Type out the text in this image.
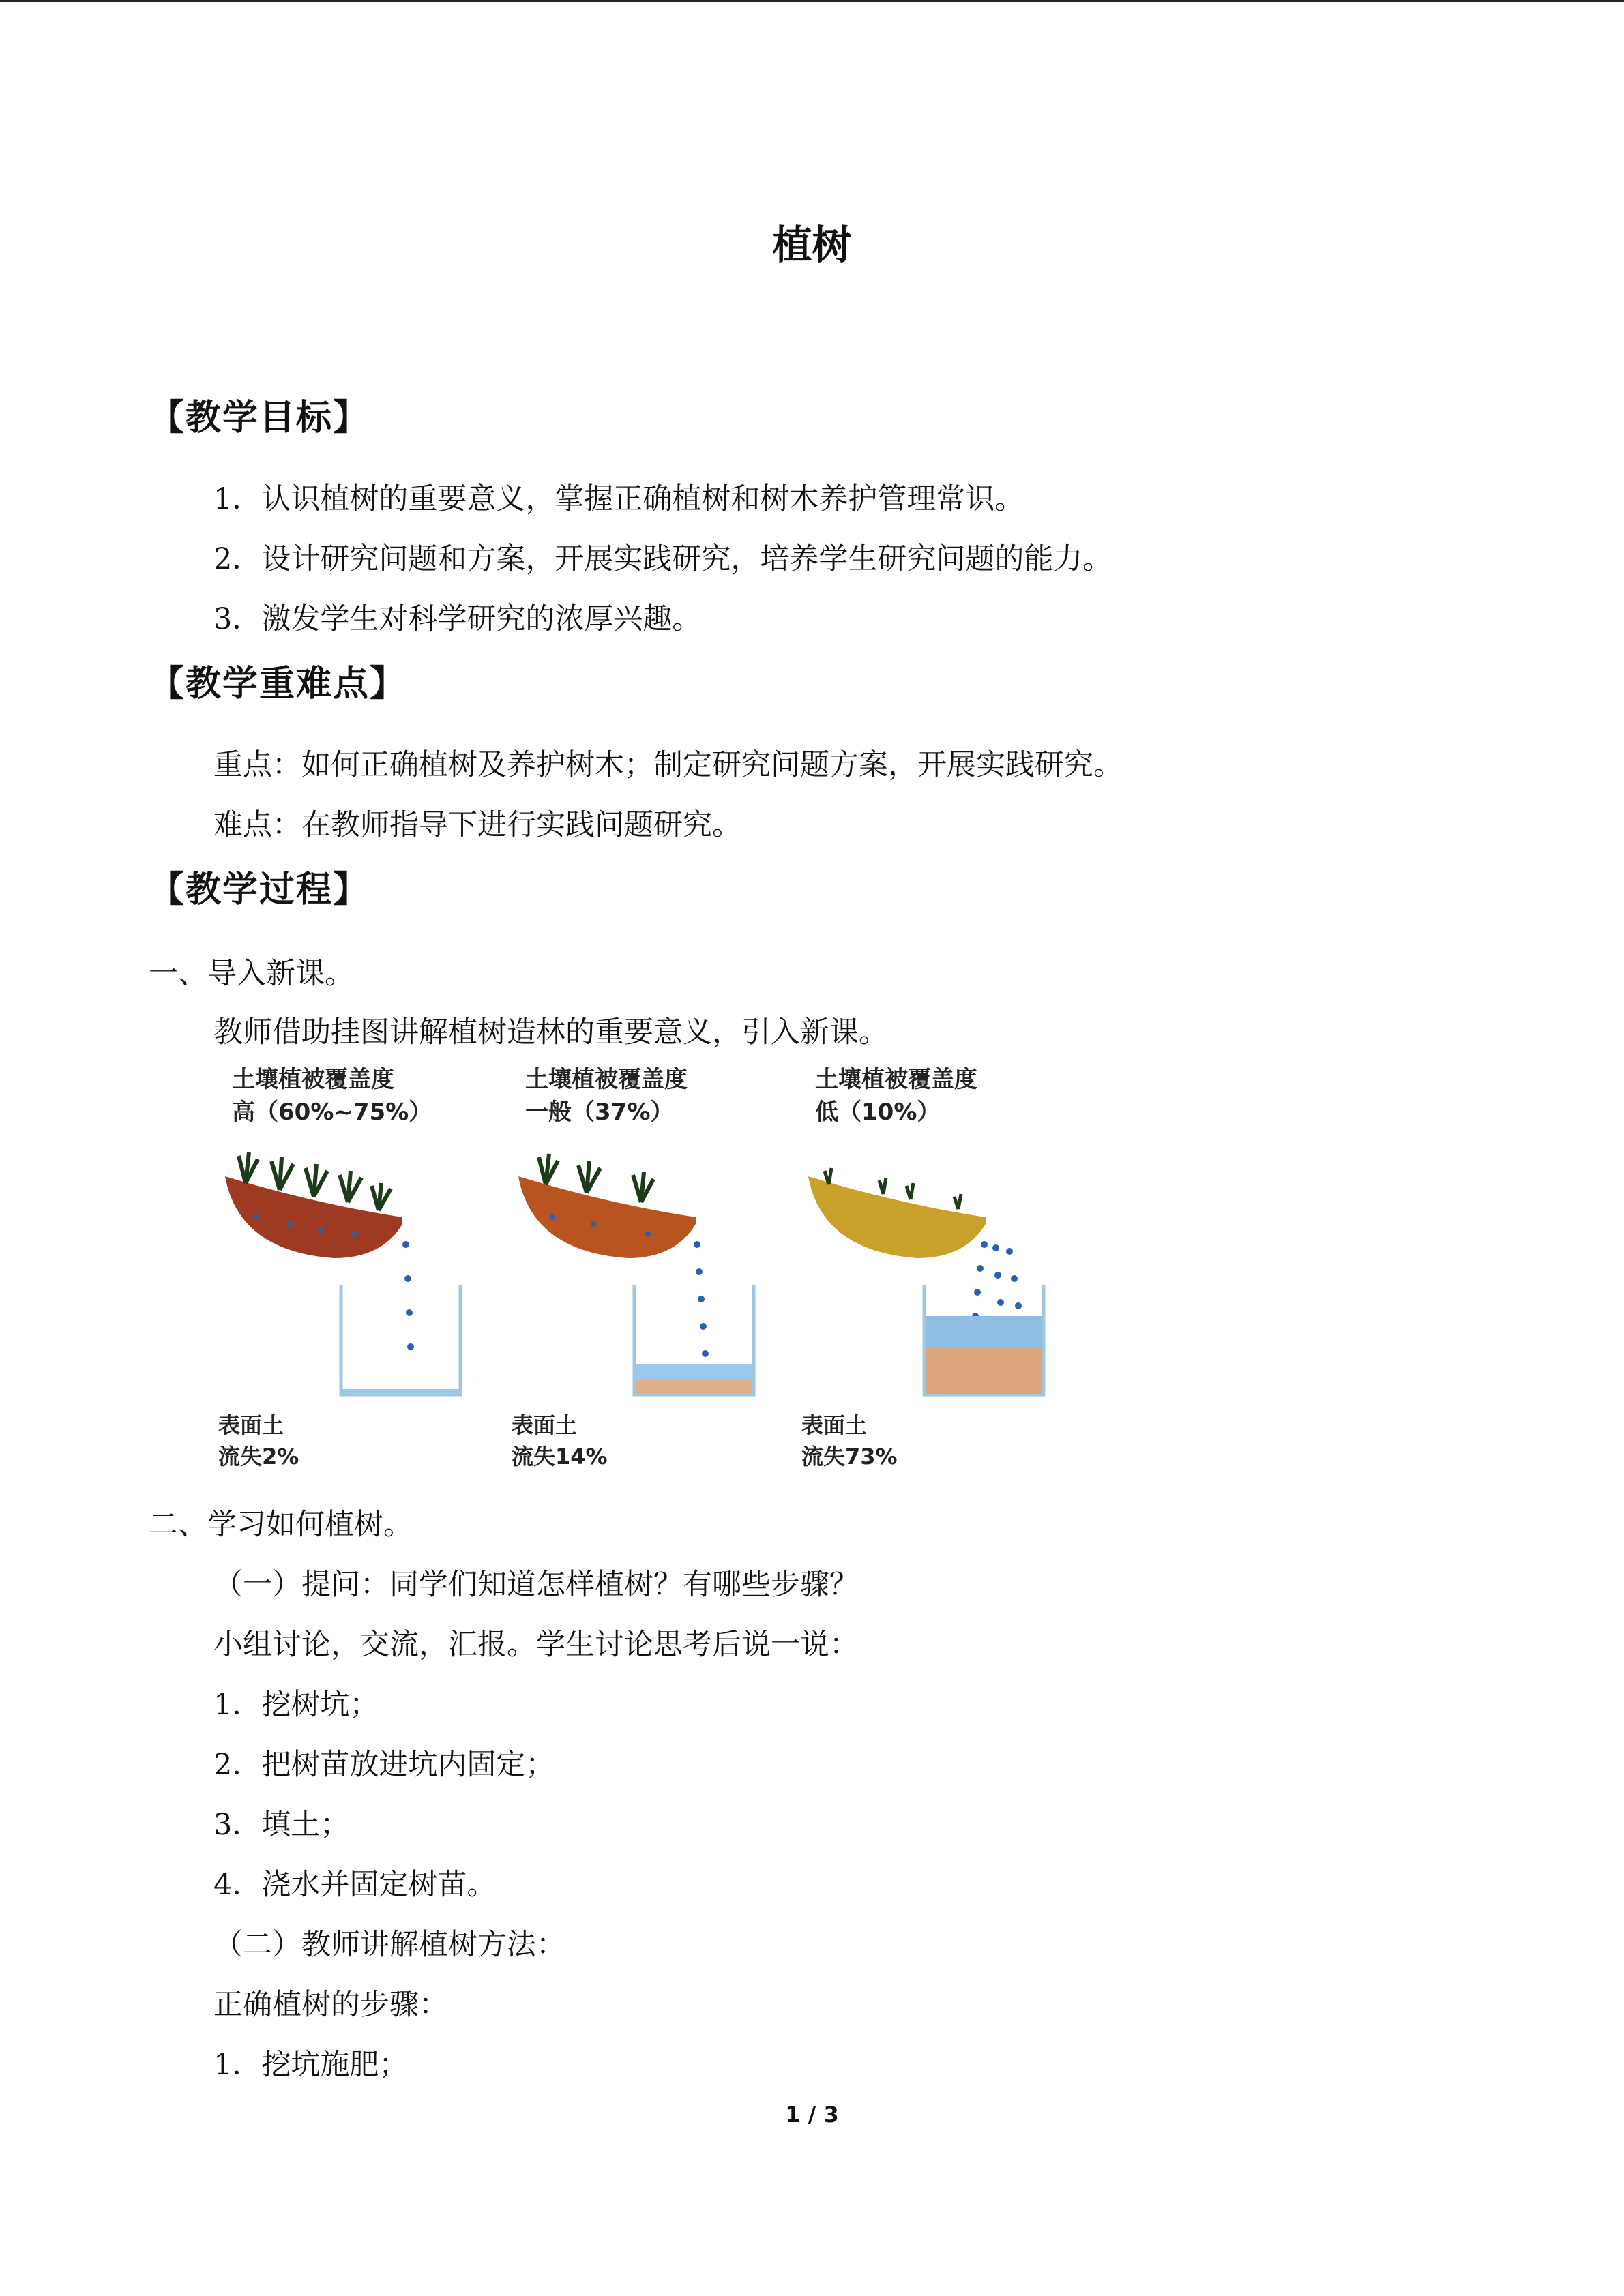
植树
【教学目标】
1．认识植树的重要意义，掌握正确植树和树木养护管理常识。
2．设计研究问题和方案，开展实践研究，培养学生研究问题的能力。
3．激发学生对科学研究的浓厚兴趣。
【教学重难点】
重点：如何正确植树及养护树木；制定研究问题方案，开展实践研究。
难点：在教师指导下进行实践问题研究。
【教学过程】
一、导入新课。
教师借助挂图讲解植树造林的重要意义，引入新课。
土壤植被覆盖度
高（60%~75%）
表面土
流失2%
土壤植被覆盖度
一般（37%）
表面土
流失14%
土壤植被覆盖度
低（10%）
表面土
流失73%
二、学习如何植树。
（一）提问：同学们知道怎样植树？有哪些步骤？
小组讨论，交流，汇报。学生讨论思考后说一说：
1．挖树坑；
2．把树苗放进坑内固定；
3．填土；
4．浇水并固定树苗。
（二）教师讲解植树方法：
正确植树的步骤：
1．挖坑施肥；
1 / 3
